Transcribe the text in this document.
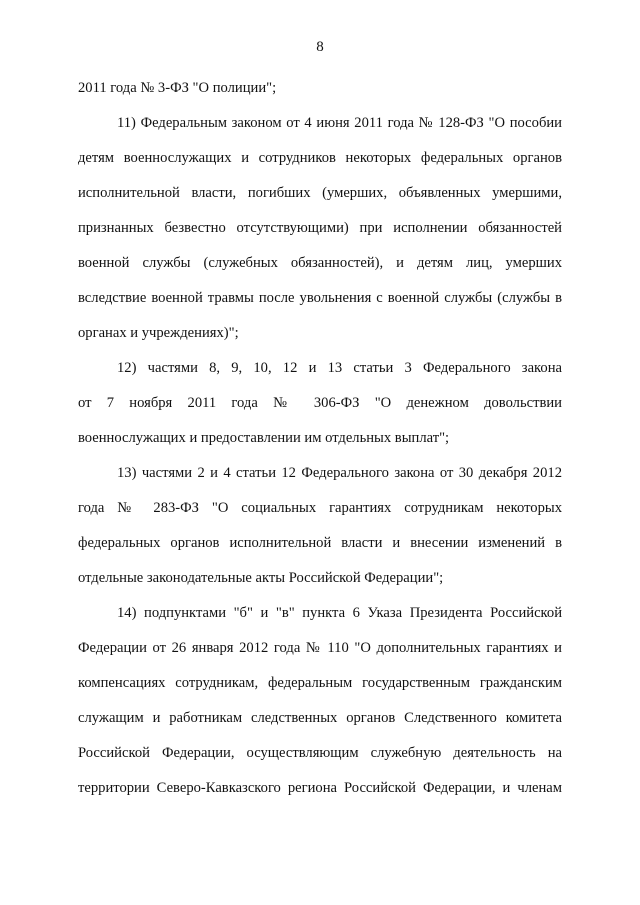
8
2011 года № 3-ФЗ "О полиции";
11) Федеральным законом от 4 июня 2011 года № 128-ФЗ "О пособии
детям военнослужащих и сотрудников некоторых федеральных органов
исполнительной власти, погибших (умерших, объявленных умершими,
признанных безвестно отсутствующими) при исполнении обязанностей
военной службы (служебных обязанностей), и детям лиц, умерших
вследствие военной травмы после увольнения с военной службы (службы в
органах и учреждениях)";
12) частями 8, 9, 10, 12 и 13 статьи 3 Федерального закона
от 7 ноября 2011 года № 306-ФЗ "О денежном довольствии
военнослужащих и предоставлении им отдельных выплат";
13) частями 2 и 4 статьи 12 Федерального закона от 30 декабря 2012
года № 283-ФЗ "О социальных гарантиях сотрудникам некоторых
федеральных органов исполнительной власти и внесении изменений в
отдельные законодательные акты Российской Федерации";
14) подпунктами "б" и "в" пункта 6 Указа Президента Российской
Федерации от 26 января 2012 года № 110 "О дополнительных гарантиях и
компенсациях сотрудникам, федеральным государственным гражданским
служащим и работникам следственных органов Следственного комитета
Российской Федерации, осуществляющим служебную деятельность на
территории Северо-Кавказского региона Российской Федерации, и членам
